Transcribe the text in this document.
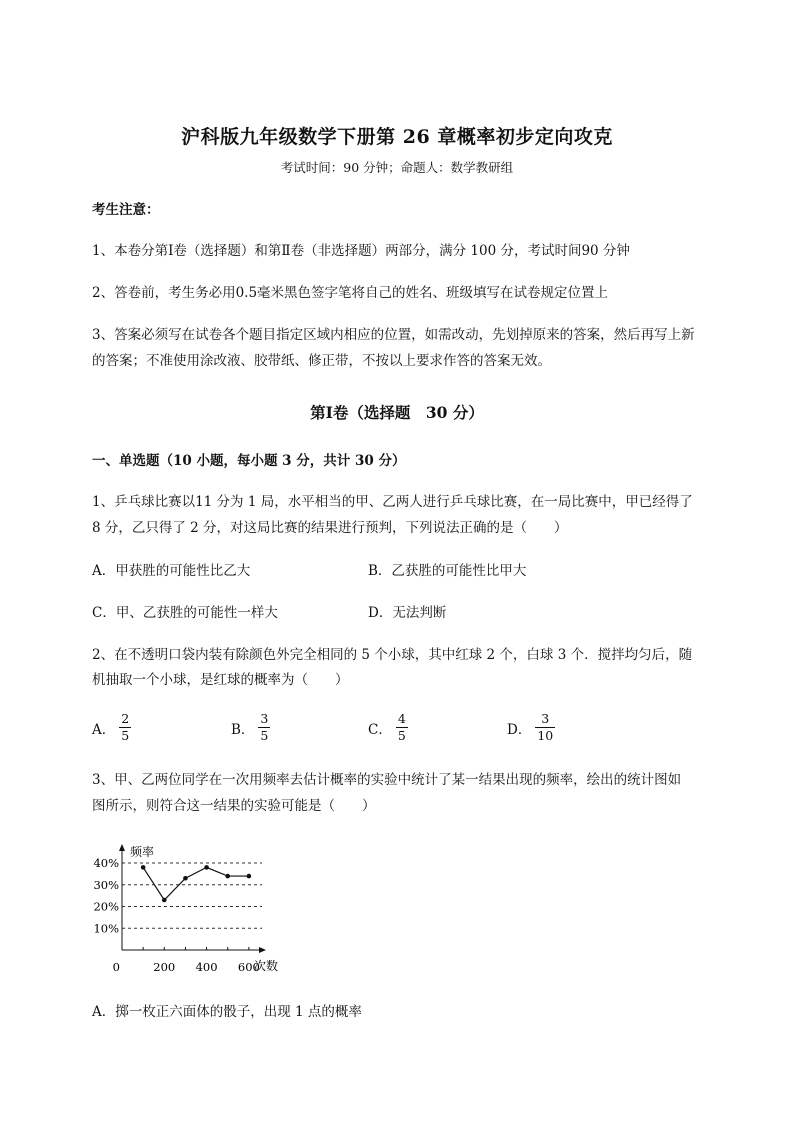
沪科版九年级数学下册第 26 章概率初步定向攻克
考试时间：90 分钟；命题人：数学教研组
考生注意：
1、本卷分第Ⅰ卷（选择题）和第Ⅱ卷（非选择题）两部分，满分 100 分，考试时间90 分钟
2、答卷前，考生务必用0.5毫米黑色签字笔将自己的姓名、班级填写在试卷规定位置上
3、答案必须写在试卷各个题目指定区域内相应的位置，如需改动，先划掉原来的答案，然后再写上新
的答案；不准使用涂改液、胶带纸、修正带，不按以上要求作答的答案无效。
第Ⅰ卷（选择题　30 分）
一、单选题（10 小题，每小题 3 分，共计 30 分）
1、乒乓球比赛以11 分为 1 局，水平相当的甲、乙两人进行乒乓球比赛，在一局比赛中，甲已经得了
8 分，乙只得了 2 分，对这局比赛的结果进行预判，下列说法正确的是（　　）
A．甲获胜的可能性比乙大	B．乙获胜的可能性比甲大
C．甲、乙获胜的可能性一样大	D．无法判断
2、在不透明口袋内装有除颜色外完全相同的 5 个小球，其中红球 2 个，白球 3 个．搅拌均匀后，随
机抽取一个小球，是红球的概率为（　　）
A． $\frac{2}{5}$	B． $\frac{3}{5}$	C． $\frac{4}{5}$	D． $\frac{3}{10}$
3、甲、乙两位同学在一次用频率去估计概率的实验中统计了某一结果出现的频率，绘出的统计图如
图所示，则符合这一结果的实验可能是（　　）
10%
20%
30%
40%
0	200 400 600
频率
次数
A．掷一枚正六面体的骰子，出现 1 点的概率
